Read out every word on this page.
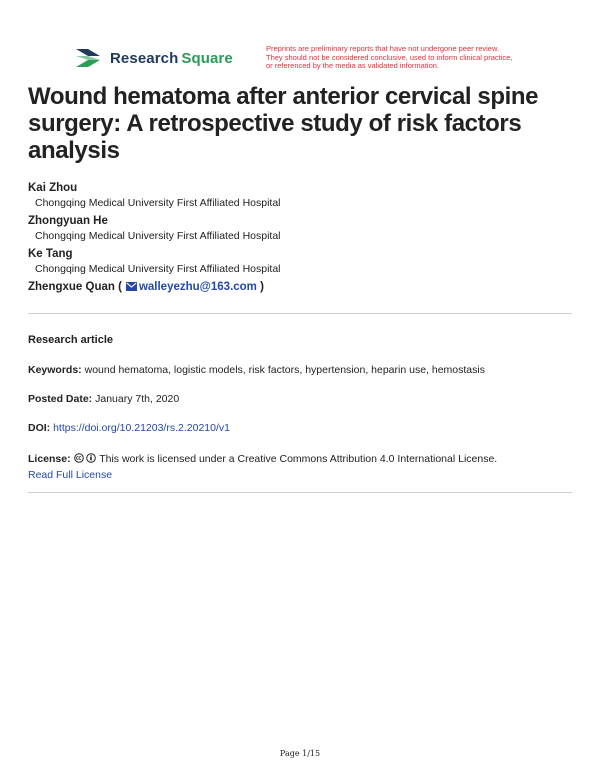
Research Square
Preprints are preliminary reports that have not undergone peer review.
They should not be considered conclusive, used to inform clinical practice,
or referenced by the media as validated information.
Wound hematoma after anterior cervical spine surgery: A retrospective study of risk factors analysis
Kai Zhou
Chongqing Medical University First Affiliated Hospital
Zhongyuan He
Chongqing Medical University First Affiliated Hospital
Ke Tang
Chongqing Medical University First Affiliated Hospital
Zhengxue Quan ( walleyezhu@163.com )
Research article
Keywords: wound hematoma, logistic models, risk factors, hypertension, heparin use, hemostasis
Posted Date: January 7th, 2020
DOI: https://doi.org/10.21203/rs.2.20210/v1
License:	This work is licensed under a Creative Commons Attribution 4.0 International License.
Read Full License
Page 1/15
